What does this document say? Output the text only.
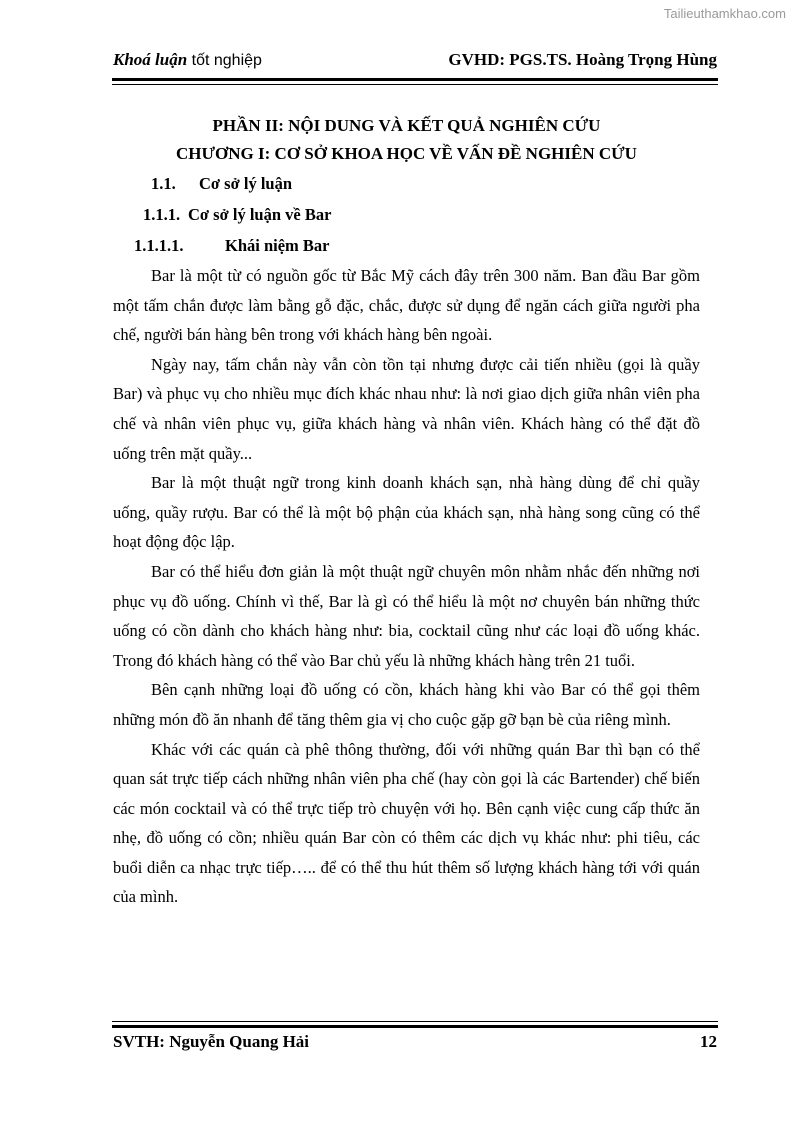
Tailieuthamkhao.com
Khoá luận tốt nghiệp	GVHD: PGS.TS. Hoàng Trọng Hùng
PHẦN II: NỘI DUNG VÀ KẾT QUẢ NGHIÊN CỨU
CHƯƠNG I: CƠ SỞ KHOA HỌC VỀ VẤN ĐỀ NGHIÊN CỨU
1.1. Cơ sở lý luận
1.1.1. Cơ sở lý luận về Bar
1.1.1.1.	Khái niệm Bar

Bar là một từ có nguồn gốc từ Bắc Mỹ cách đây trên 300 năm. Ban đầu Bar gồm một tấm chắn được làm bằng gỗ đặc, chắc, được sử dụng để ngăn cách giữa người pha chế, người bán hàng bên trong với khách hàng bên ngoài.

Ngày nay, tấm chắn này vẫn còn tồn tại nhưng được cải tiến nhiều (gọi là quầy Bar) và phục vụ cho nhiều mục đích khác nhau như: là nơi giao dịch giữa nhân viên pha chế và nhân viên phục vụ, giữa khách hàng và nhân viên. Khách hàng có thể đặt đồ uống trên mặt quầy...

Bar là một thuật ngữ trong kinh doanh khách sạn, nhà hàng dùng để chỉ quầy uống, quầy rượu. Bar có thể là một bộ phận của khách sạn, nhà hàng song cũng có thể hoạt động độc lập.

Bar có thể hiểu đơn giản là một thuật ngữ chuyên môn nhằm nhắc đến những nơi phục vụ đồ uống. Chính vì thế, Bar là gì có thể hiểu là một nơ chuyên bán những thức uống có cồn dành cho khách hàng như: bia, cocktail cũng như các loại đồ uống khác. Trong đó khách hàng có thể vào Bar chủ yếu là những khách hàng trên 21 tuổi.

Bên cạnh những loại đồ uống có cồn, khách hàng khi vào Bar có thể gọi thêm những món đồ ăn nhanh để tăng thêm gia vị cho cuộc gặp gỡ bạn bè của riêng mình.

Khác với các quán cà phê thông thường, đối với những quán Bar thì bạn có thể quan sát trực tiếp cách những nhân viên pha chế (hay còn gọi là các Bartender) chế biến các món cocktail và có thể trực tiếp trò chuyện với họ. Bên cạnh việc cung cấp thức ăn nhẹ, đồ uống có cồn; nhiều quán Bar còn có thêm các dịch vụ khác như: phi tiêu, các buổi diễn ca nhạc trực tiếp….. để có thể thu hút thêm số lượng khách hàng tới với quán của mình.

SVTH: Nguyễn Quang Hải	12
